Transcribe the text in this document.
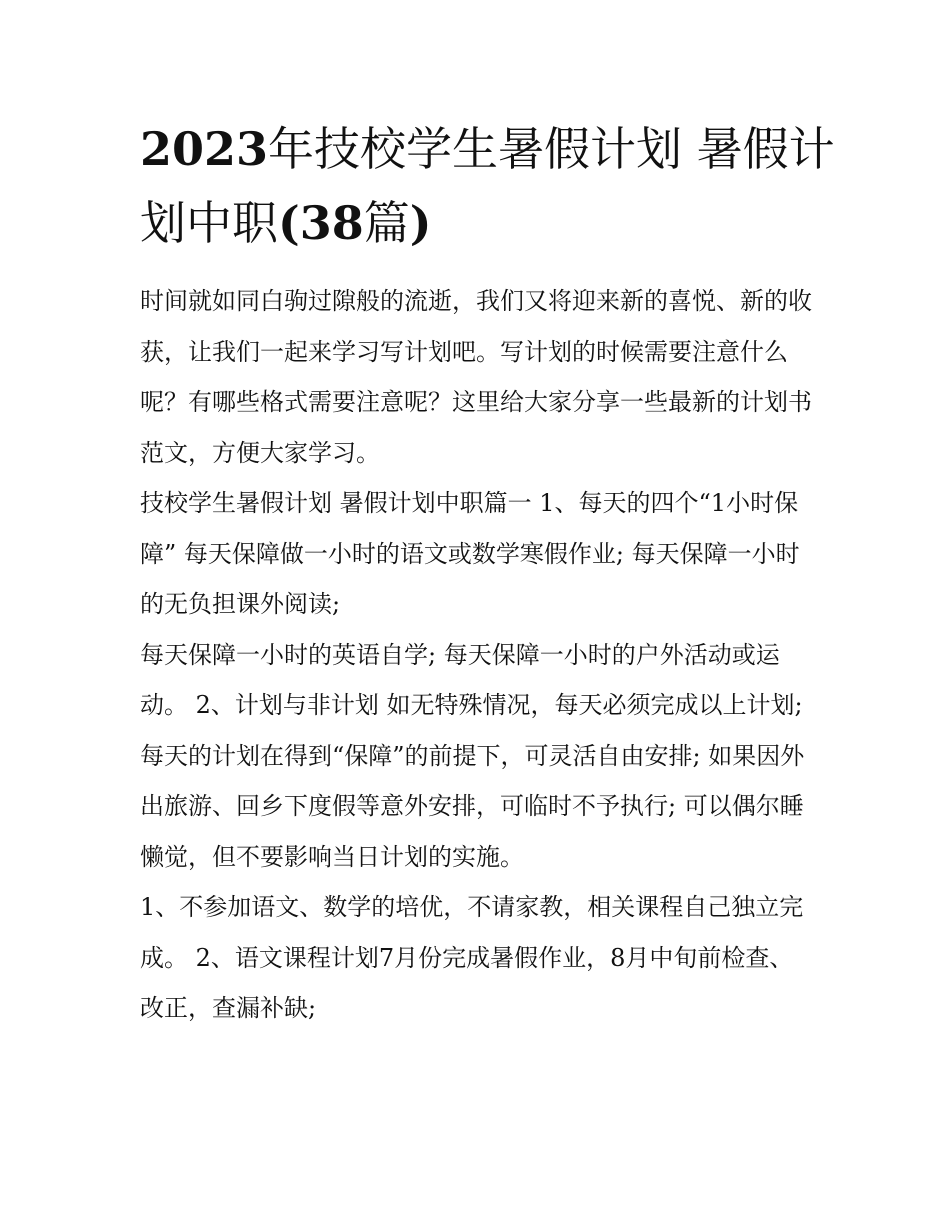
2023年技校学生暑假计划 暑假计划中职(38篇)

时间就如同白驹过隙般的流逝，我们又将迎来新的喜悦、新的收获，让我们一起来学习写计划吧。写计划的时候需要注意什么呢？有哪些格式需要注意呢？这里给大家分享一些最新的计划书范文，方便大家学习。

技校学生暑假计划 暑假计划中职篇一 1、每天的四个“1小时保障” 每天保障做一小时的语文或数学寒假作业; 每天保障一小时的无负担课外阅读;

每天保障一小时的英语自学; 每天保障一小时的户外活动或运动。 2、计划与非计划 如无特殊情况，每天必须完成以上计划;

每天的计划在得到“保障”的前提下，可灵活自由安排; 如果因外出旅游、回乡下度假等意外安排，可临时不予执行; 可以偶尔睡懒觉，但不要影响当日计划的实施。

1、不参加语文、数学的培优，不请家教，相关课程自己独立完成。 2、语文课程计划7月份完成暑假作业，8月中旬前检查、改正，查漏补缺;
